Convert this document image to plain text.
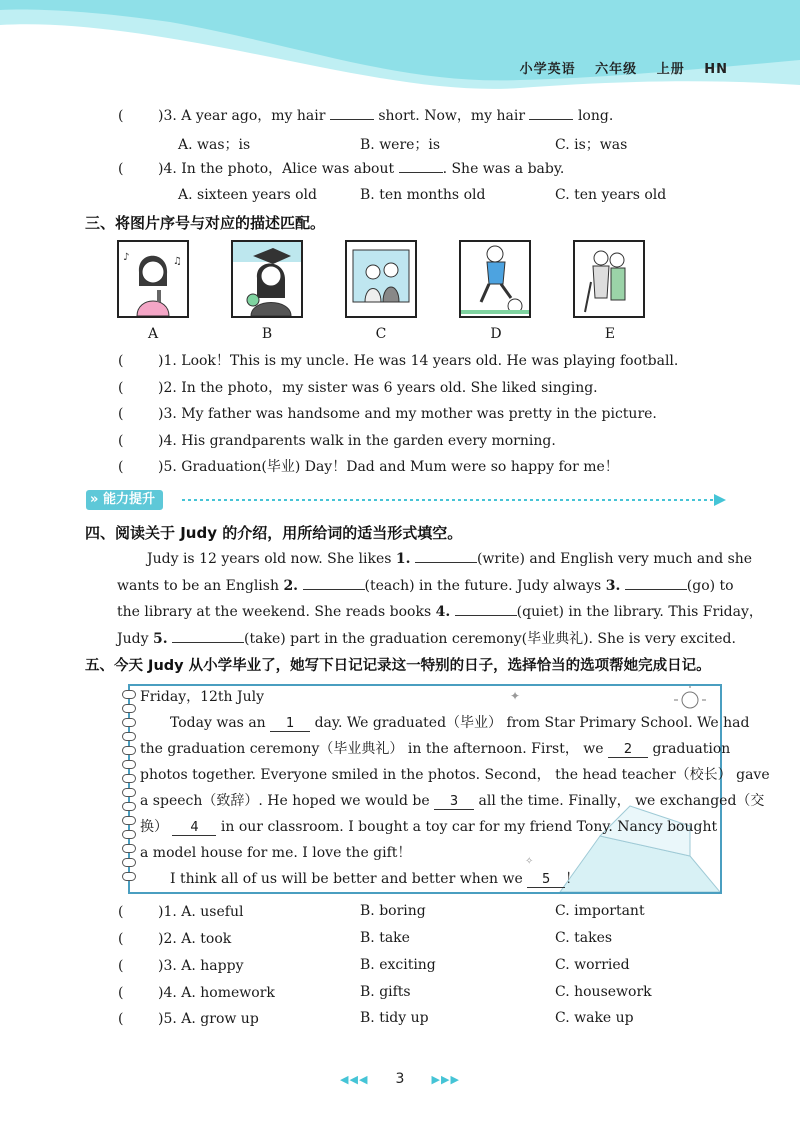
小学英语 六年级 上册 HN
(  )3. A year ago，my hair	short. Now，my hair	long.
A. was；is	B. were；is	C. is；was
(  )4. In the photo，Alice was about	. She was a baby.
A. sixteen years old	B. ten months old	C. ten years old
三、将图片序号与对应的描述匹配。
♪	♫
A	B	C	D	E
(  )1. Look！This is my uncle. He was 14 years old. He was playing football.
(  )2. In the photo，my sister was 6 years old. She liked singing.
(  )3. My father was handsome and my mother was pretty in the picture.
(  )4. His grandparents walk in the garden every morning.
(  )5. Graduation(毕业) Day！Dad and Mum were so happy for me！
» 能力提升
四、阅读关于 Judy 的介绍，用所给词的适当形式填空。
Judy is 12 years old now. She likes 1.	(write) and English very much and she
wants to be an English 2.	(teach) in the future. Judy always 3.	(go) to
the library at the weekend. She reads books 4.	(quiet) in the library. This Friday，
Judy 5.	(take) part in the graduation ceremony(毕业典礼). She is very excited.
五、今天 Judy 从小学毕业了，她写下日记记录这一特别的日子，选择恰当的选项帮她完成日记。
✦
✧
Friday，12th July
Today was an 1 day. We graduated（毕业） from Star Primary School. We had
the graduation ceremony（毕业典礼） in the afternoon. First， we 2 graduation
photos together. Everyone smiled in the photos. Second， the head teacher（校长） gave
a speech（致辞）. He hoped we would be 3 all the time. Finally， we exchanged（交
换） 4 in our classroom. I bought a toy car for my friend Tony. Nancy bought
a model house for me. I love the gift！
I think all of us will be better and better when we 5 ！
(  )1. A. useful	B. boring	C. important
(  )2. A. took	B. take	C. takes
(  )3. A. happy	B. exciting	C. worried
(  )4. A. homework	B. gifts	C. housework
(  )5. A. grow up	B. tidy up	C. wake up
◀◀◀ 3 ▶▶▶
